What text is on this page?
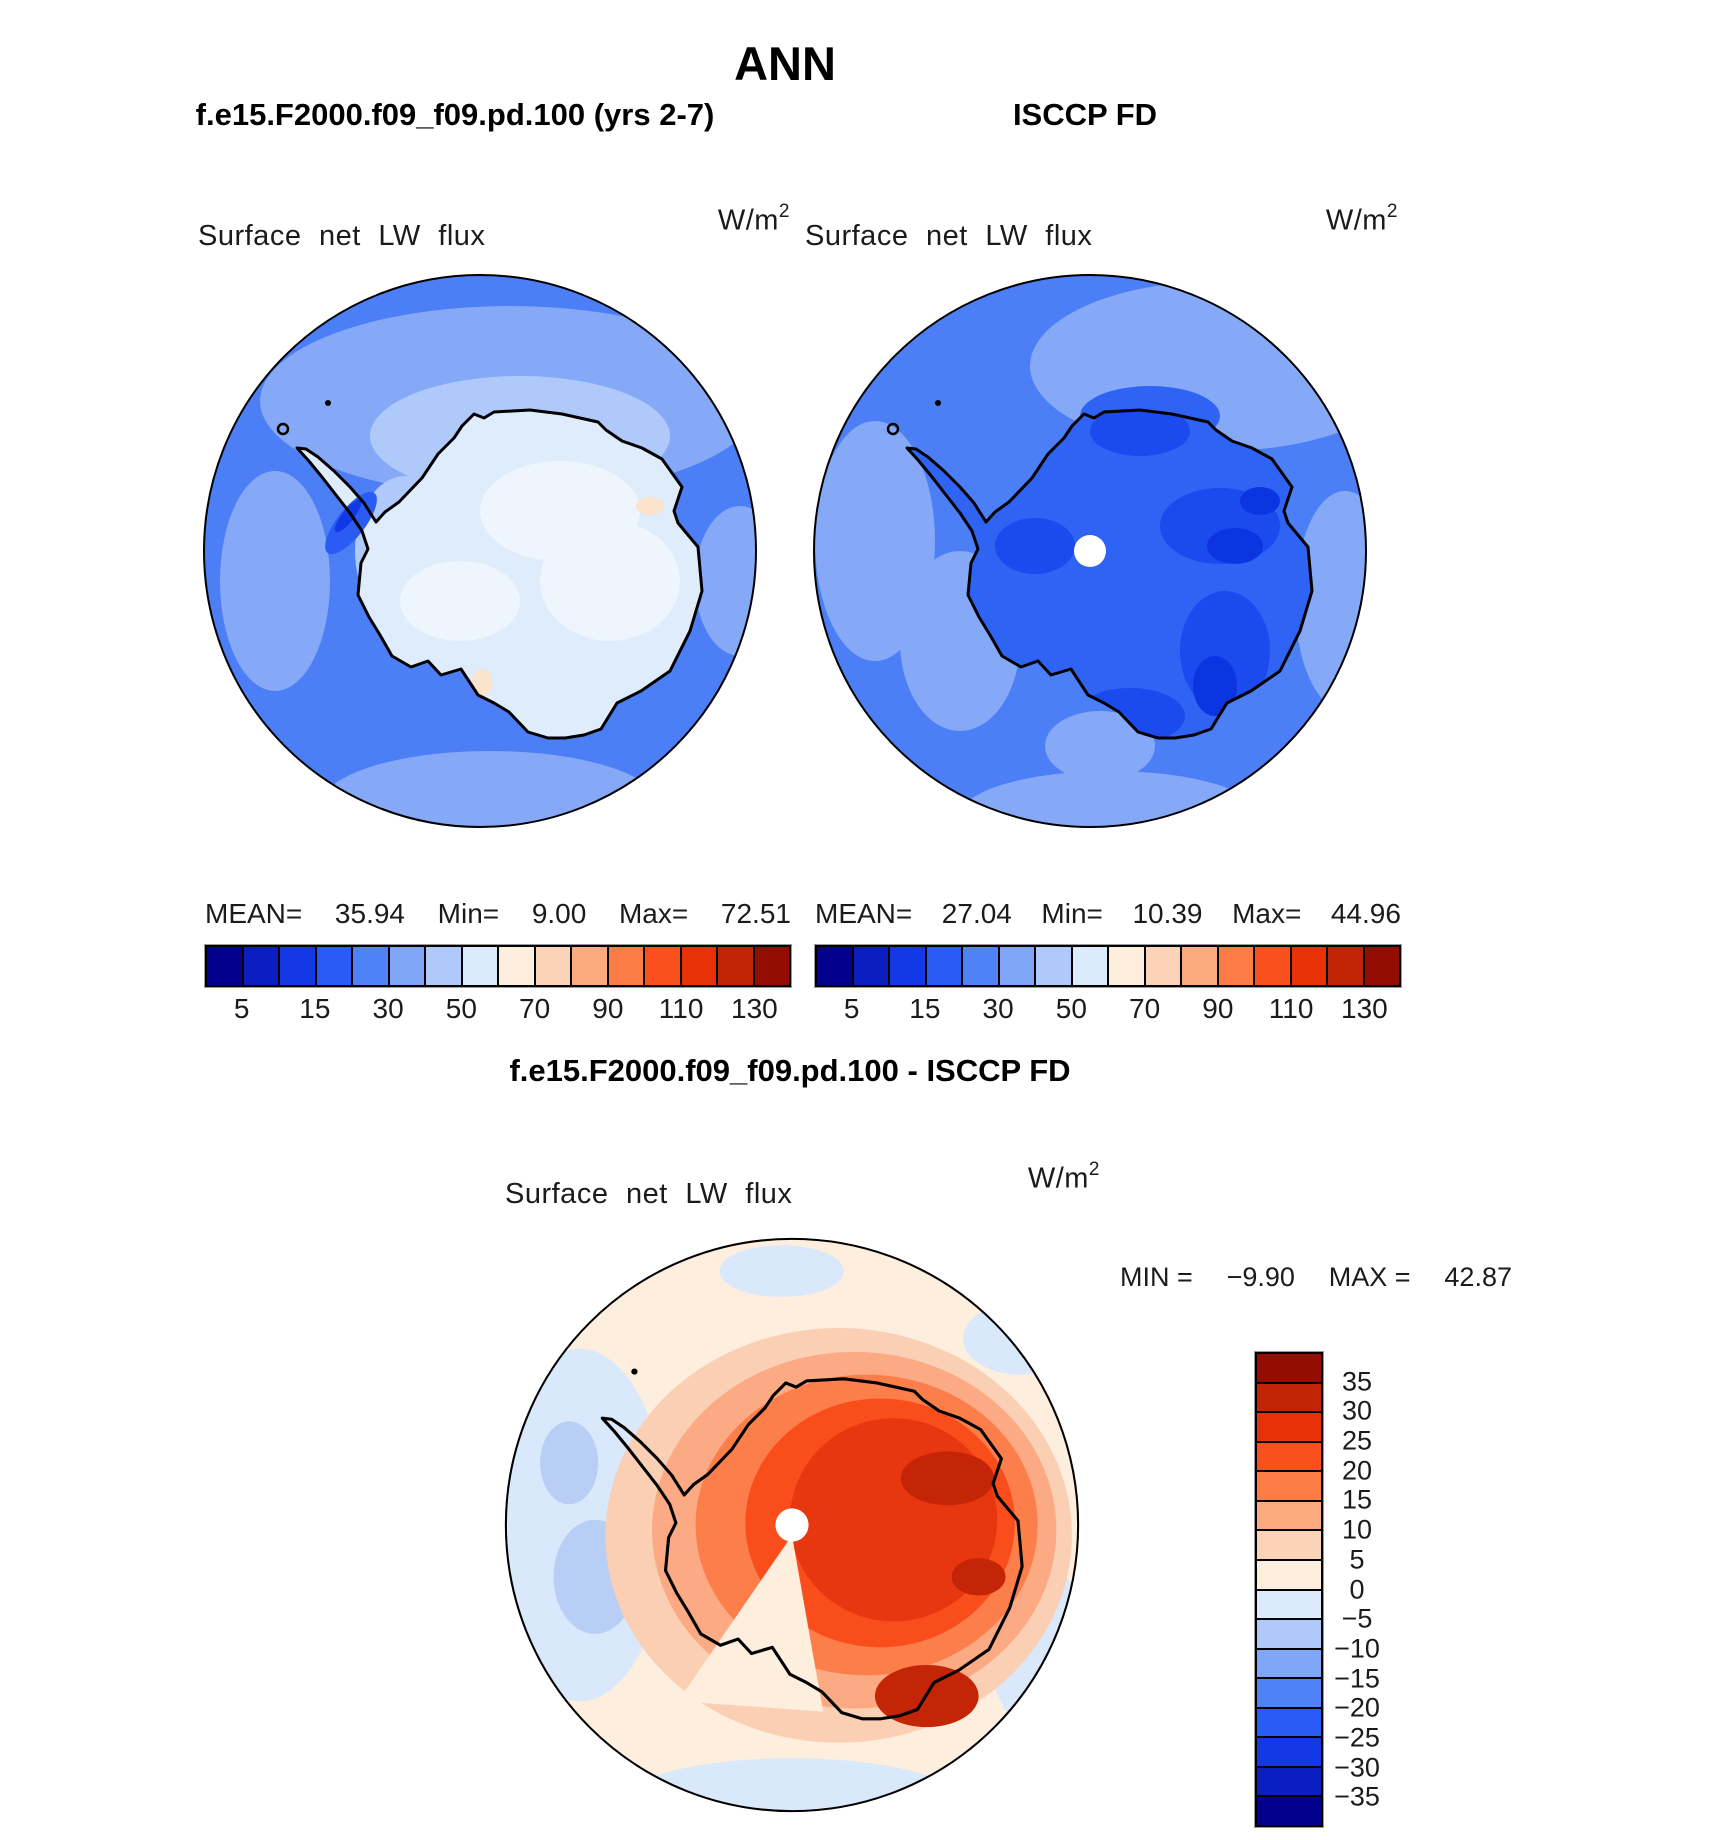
ANN
f.e15.F2000.f09_f09.pd.100 (yrs 2-7)	ISCCP FD
Surface net LW flux	$W/m^2$
Surface net LW flux	$W/m^2$
MEAN= 35.94 Min= 9.00 Max= 72.51 MEAN= 27.04 Min= 10.39 Max= 44.96
5 15 30 50 70 90 110 130 5 15 30 50 70 90 110 130
f.e15.F2000.f09_f09.pd.100 - ISCCP FD
Surface net LW flux	$W/m^2$
MIN = −9.90 MAX = 42.87
35
30
25
20
15
10
5
0
−5
−10
−15
−20
−25
−30
−35
